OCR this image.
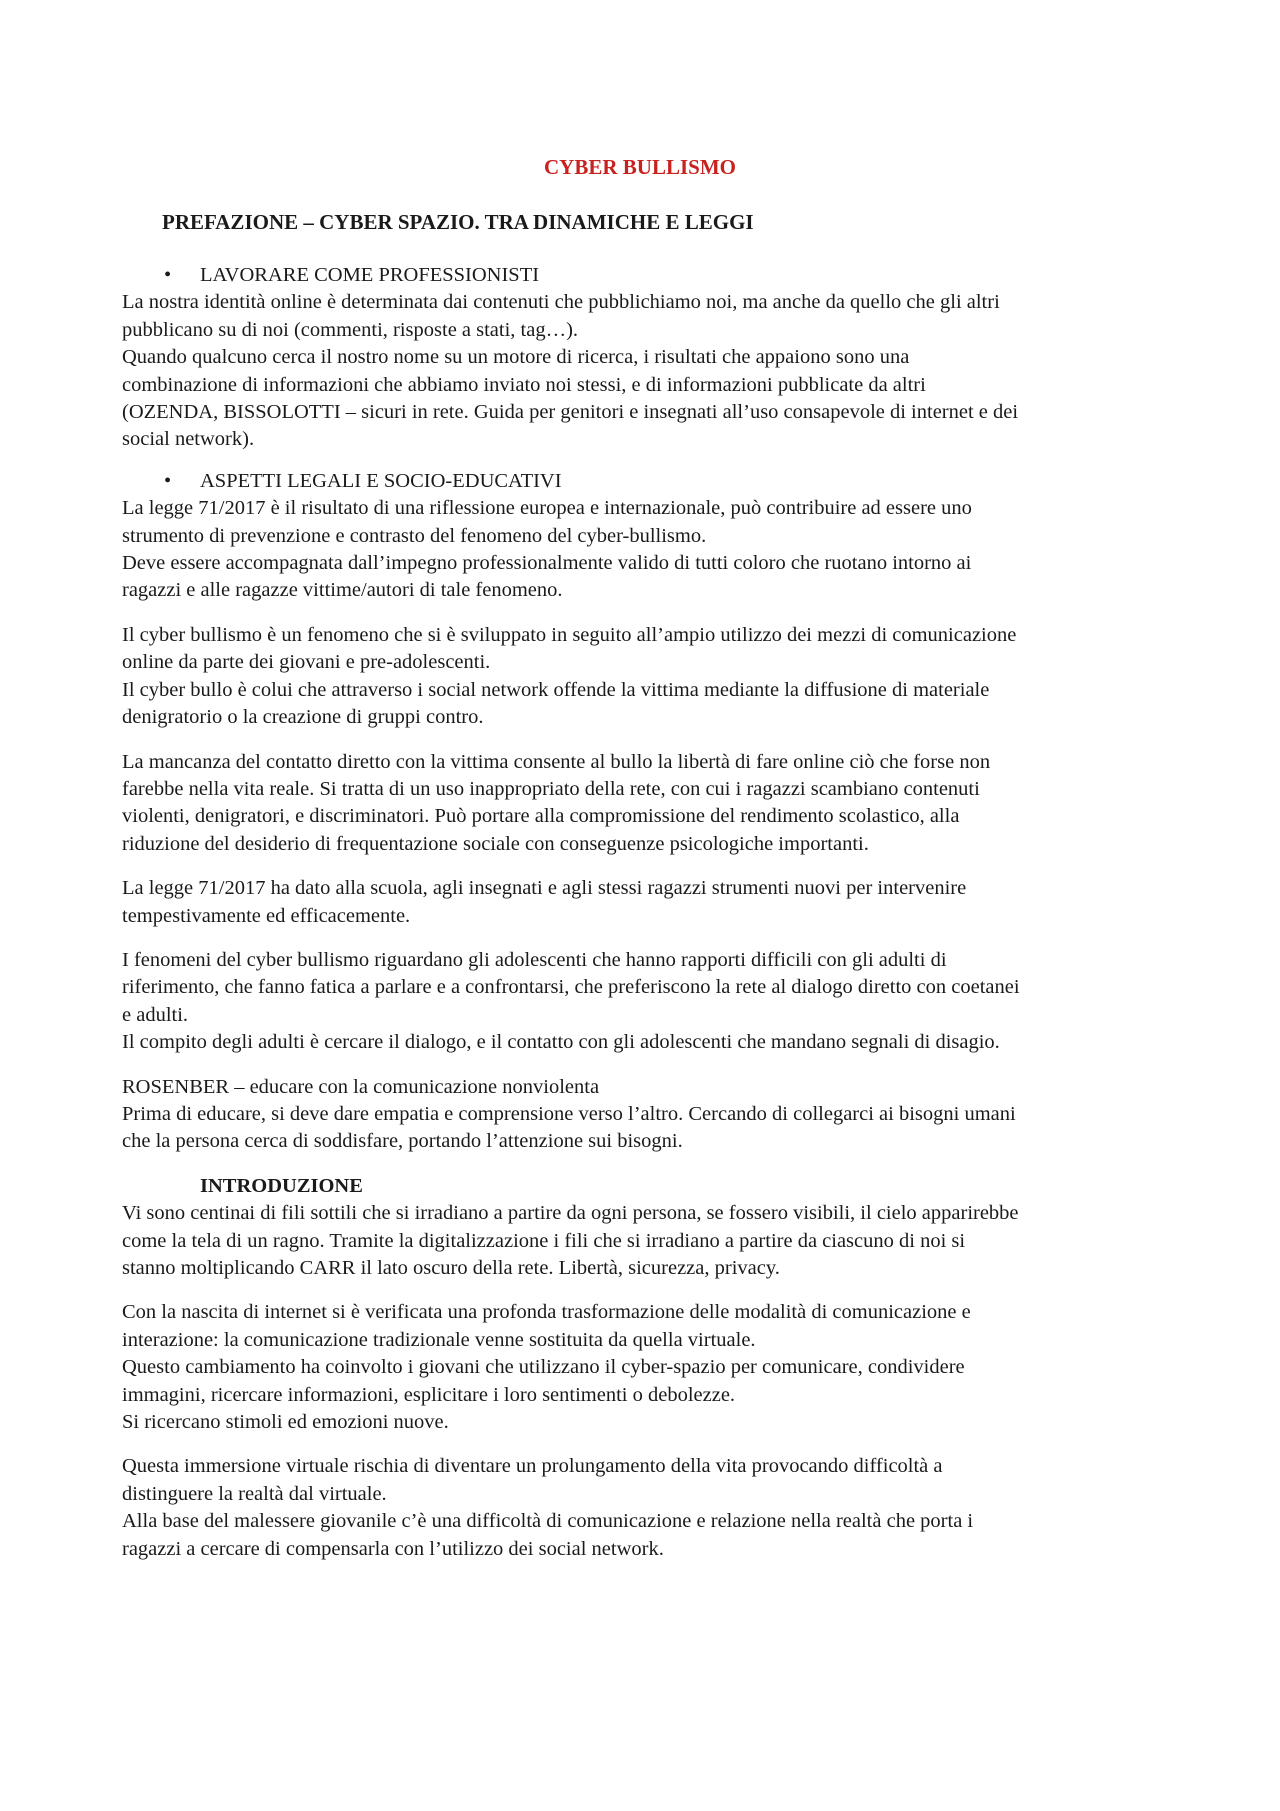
CYBER BULLISMO
PREFAZIONE – CYBER SPAZIO. TRA DINAMICHE E LEGGI

• LAVORARE COME PROFESSIONISTI

La nostra identità online è determinata dai contenuti che pubblichiamo noi, ma anche da quello che gli altri

pubblicano su di noi (commenti, risposte a stati, tag…).

Quando qualcuno cerca il nostro nome su un motore di ricerca, i risultati che appaiono sono una

combinazione di informazioni che abbiamo inviato noi stessi, e di informazioni pubblicate da altri

(OZENDA, BISSOLOTTI – sicuri in rete. Guida per genitori e insegnati all’uso consapevole di internet e dei

social network).

• ASPETTI LEGALI E SOCIO-EDUCATIVI

La legge 71/2017 è il risultato di una riflessione europea e internazionale, può contribuire ad essere uno

strumento di prevenzione e contrasto del fenomeno del cyber-bullismo.

Deve essere accompagnata dall’impegno professionalmente valido di tutti coloro che ruotano intorno ai

ragazzi e alle ragazze vittime/autori di tale fenomeno.

Il cyber bullismo è un fenomeno che si è sviluppato in seguito all’ampio utilizzo dei mezzi di comunicazione

online da parte dei giovani e pre-adolescenti.

Il cyber bullo è colui che attraverso i social network offende la vittima mediante la diffusione di materiale

denigratorio o la creazione di gruppi contro.

La mancanza del contatto diretto con la vittima consente al bullo la libertà di fare online ciò che forse non

farebbe nella vita reale. Si tratta di un uso inappropriato della rete, con cui i ragazzi scambiano contenuti

violenti, denigratori, e discriminatori. Può portare alla compromissione del rendimento scolastico, alla

riduzione del desiderio di frequentazione sociale con conseguenze psicologiche importanti.

La legge 71/2017 ha dato alla scuola, agli insegnati e agli stessi ragazzi strumenti nuovi per intervenire

tempestivamente ed efficacemente.

I fenomeni del cyber bullismo riguardano gli adolescenti che hanno rapporti difficili con gli adulti di

riferimento, che fanno fatica a parlare e a confrontarsi, che preferiscono la rete al dialogo diretto con coetanei

e adulti.

Il compito degli adulti è cercare il dialogo, e il contatto con gli adolescenti che mandano segnali di disagio.

ROSENBER – educare con la comunicazione nonviolenta

Prima di educare, si deve dare empatia e comprensione verso l’altro. Cercando di collegarci ai bisogni umani

che la persona cerca di soddisfare, portando l’attenzione sui bisogni.

INTRODUZIONE

Vi sono centinai di fili sottili che si irradiano a partire da ogni persona, se fossero visibili, il cielo apparirebbe

come la tela di un ragno. Tramite la digitalizzazione i fili che si irradiano a partire da ciascuno di noi si

stanno moltiplicando CARR il lato oscuro della rete. Libertà, sicurezza, privacy.

Con la nascita di internet si è verificata una profonda trasformazione delle modalità di comunicazione e

interazione: la comunicazione tradizionale venne sostituita da quella virtuale.

Questo cambiamento ha coinvolto i giovani che utilizzano il cyber-spazio per comunicare, condividere

immagini, ricercare informazioni, esplicitare i loro sentimenti o debolezze.

Si ricercano stimoli ed emozioni nuove.

Questa immersione virtuale rischia di diventare un prolungamento della vita provocando difficoltà a

distinguere la realtà dal virtuale.

Alla base del malessere giovanile c’è una difficoltà di comunicazione e relazione nella realtà che porta i

ragazzi a cercare di compensarla con l’utilizzo dei social network.
